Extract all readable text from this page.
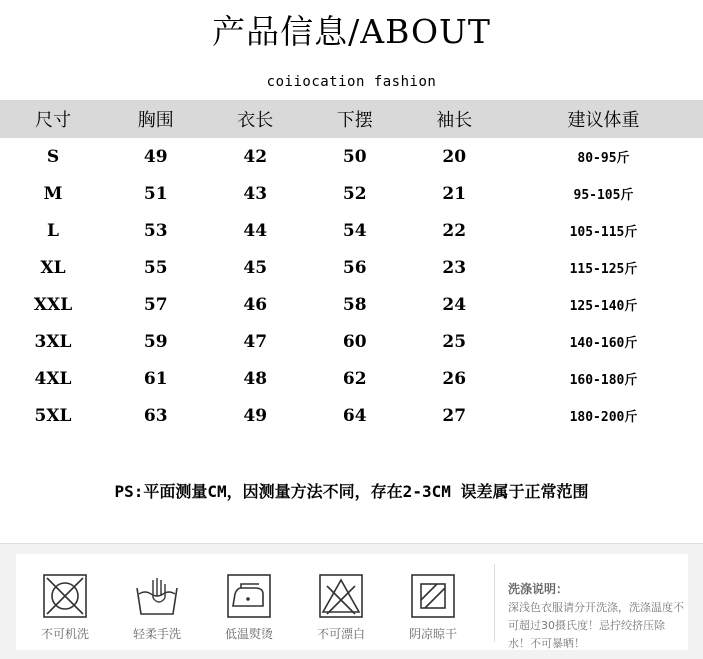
产品信息/ABOUT
coiiocation fashion
尺寸	胸围	衣长	下摆	袖长	建议体重
S	49	42	50	20	80-95斤
M	51	43	52	21	95-105斤
L	53	44	54	22	105-115斤
XL	55	45	56	23	115-125斤
XXL	57	46	58	24	125-140斤
3XL	59	47	60	25	140-160斤
4XL	61	48	62	26	160-180斤
5XL	63	49	64	27	180-200斤
PS:平面测量CM，因测量方法不同，存在2-3CM 误差属于正常范围
不可机洗	轻柔手洗	低温熨烫	不可漂白	阴凉晾干
洗涤说明：
深浅色衣服请分开洗涤，洗涤温度不可超过30摄氏度！忌拧绞挤压除水！不可暴晒！
